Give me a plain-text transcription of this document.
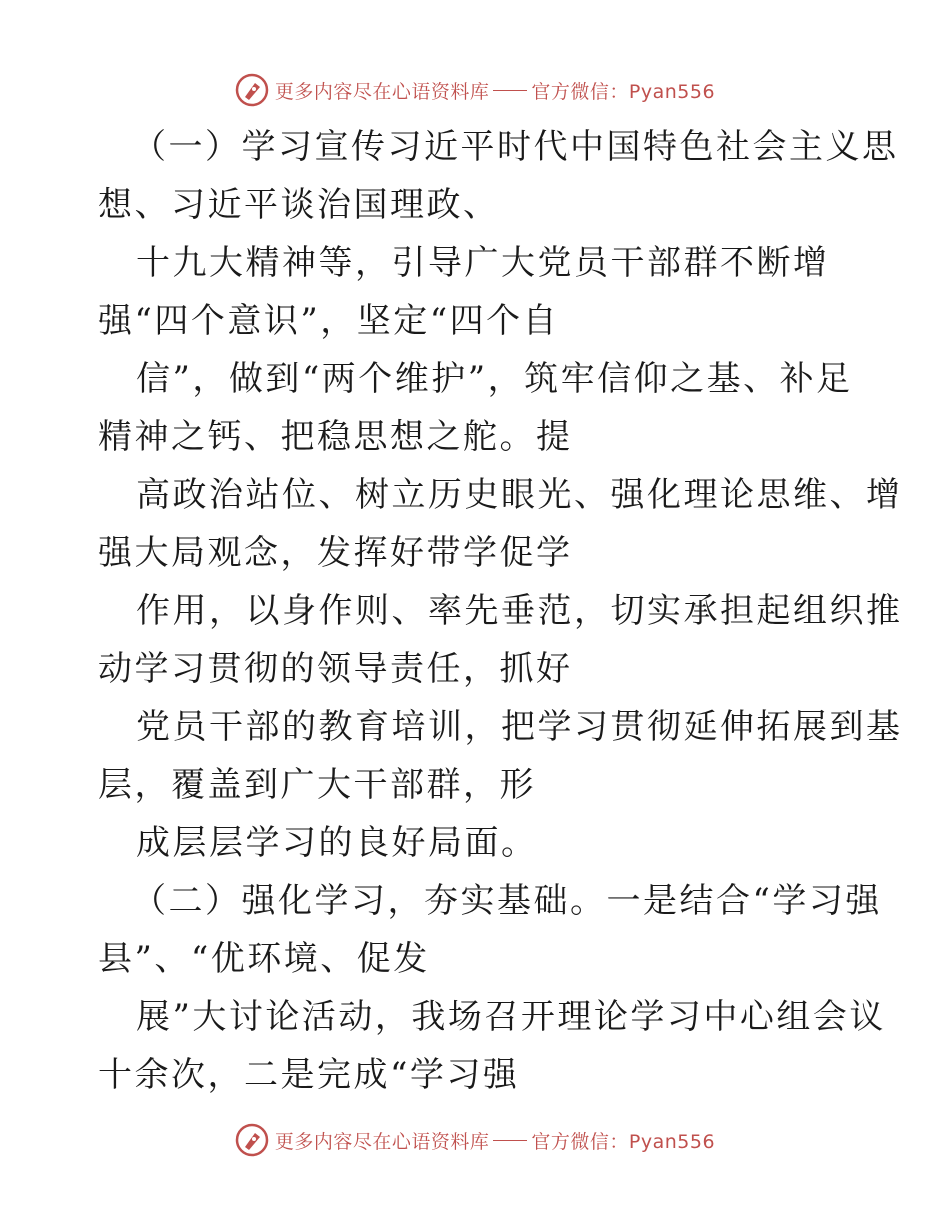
更多内容尽在心语资料库 官方微信：Pyan556
（一）学习宣传习近平时代中国特色社会主义思
想、习近平谈治国理政、
十九大精神等，引导广大党员干部群不断增
强“四个意识”，坚定“四个自
信”，做到“两个维护”，筑牢信仰之基、补足
精神之钙、把稳思想之舵。提
高政治站位、树立历史眼光、强化理论思维、增
强大局观念，发挥好带学促学
作用，以身作则、率先垂范，切实承担起组织推
动学习贯彻的领导责任，抓好
党员干部的教育培训，把学习贯彻延伸拓展到基
层，覆盖到广大干部群，形
成层层学习的良好局面。
（二）强化学习，夯实基础。一是结合“学习强
县”、“优环境、促发
展”大讨论活动，我场召开理论学习中心组会议
十余次，二是完成“学习强
更多内容尽在心语资料库 官方微信：Pyan556
